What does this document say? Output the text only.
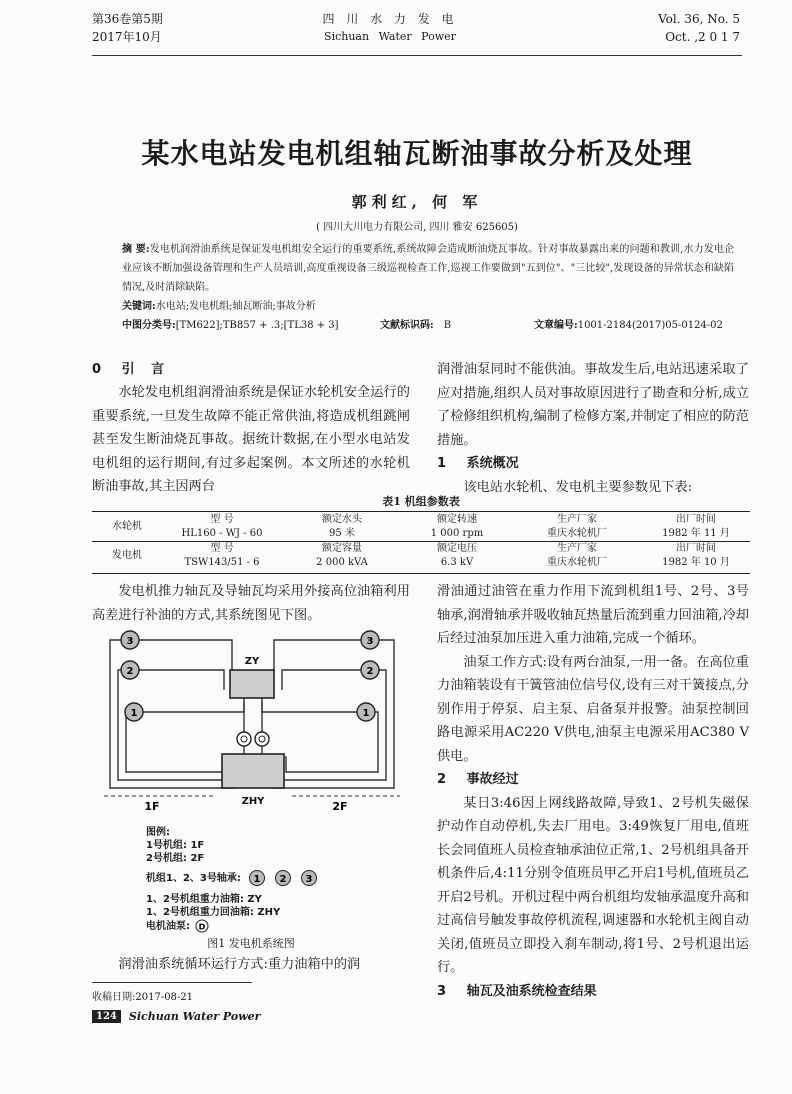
第36卷第5期
2017年10月
四 川 水 力 发 电
Sichuan Water Power
Vol. 36, No. 5
Oct. ,2 0 1 7
某水电站发电机组轴瓦断油事故分析及处理
郭利红, 何 军
( 四川大川电力有限公司, 四川 雅安 625605)
摘 要:发电机润滑油系统是保证发电机组安全运行的重要系统,系统故障会造成断油烧瓦事故。针对事故暴露出来的问题和教训,水力发电企业应该不断加强设备管理和生产人员培训,高度重视设备三级巡视检查工作,巡视工作要做到"五到位"、"三比较",发现设备的异常状态和缺陷情况,及时消除缺陷。
关键词:水电站;发电机组;轴瓦断油;事故分析
中图分类号:[TM622];TB857 + .3;[TL38 + 3]	文献标识码: B	文章编号:1001-2184(2017)05-0124-02
0 引 言

水轮发电机组润滑油系统是保证水轮机安全运行的重要系统,一旦发生故障不能正常供油,将造成机组跳闸甚至发生断油烧瓦事故。据统计数据,在小型水电站发电机组的运行期间,有过多起案例。本文所述的水轮机断油事故,其主因两台

润滑油泵同时不能供油。事故发生后,电站迅速采取了应对措施,组织人员对事故原因进行了勘查和分析,成立了检修组织机构,编制了检修方案,并制定了相应的防范措施。
1 系统概况

该电站水轮机、发电机主要参数见下表:

表1 机组参数表
水轮机	型 号	额定水头	额定转速	生产厂家	出厂时间
	HL160 - WJ - 60	95 米	1 000 rpm	重庆水轮机厂	1982 年 11 月
发电机	型 号	额定容量	额定电压	生产厂家	出厂时间
	TSW143/51 - 6	2 000 kVA	6.3 kV	重庆水轮机厂	1982 年 10 月

发电机推力轴瓦及导轴瓦均采用外接高位油箱利用高差进行补油的方式,其系统图见下图。

ZY
ZHY
3
2
1
3
2
1
1F	2F
图例:
1号机组: 1F
2号机组: 2F
机组1、2、3号轴承: 1 2 3
1、2号机组重力油箱: ZY
1、2号机组重力回油箱: ZHY
电机油泵: D
图1 发电机系统图

润滑油系统循环运行方式:重力油箱中的润

收稿日期:2017-08-21
124	Sichuan Water Power
滑油通过油管在重力作用下流到机组1号、2号、3号轴承,润滑轴承并吸收轴瓦热量后流到重力回油箱,冷却后经过油泵加压进入重力油箱,完成一个循环。

油泵工作方式:设有两台油泵,一用一备。在高位重力油箱装设有干簧管油位信号仪,设有三对干簧接点,分别作用于停泵、启主泵、启备泵并报警。油泵控制回路电源采用AC220 V供电,油泵主电源采用AC380 V供电。

2 事故经过

某日3:46因上网线路故障,导致1、2号机失磁保护动作自动停机,失去厂用电。3:49恢复厂用电,值班长会同值班人员检查轴承油位正常,1、2号机组具备开机条件后,4:11分别令值班员甲乙开启1号机,值班员乙开启2号机。开机过程中两台机组均发轴承温度升高和过高信号触发事故停机流程,调速器和水轮机主阀自动关闭,值班员立即投入刹车制动,将1号、2号机退出运行。

3 轴瓦及油系统检查结果
